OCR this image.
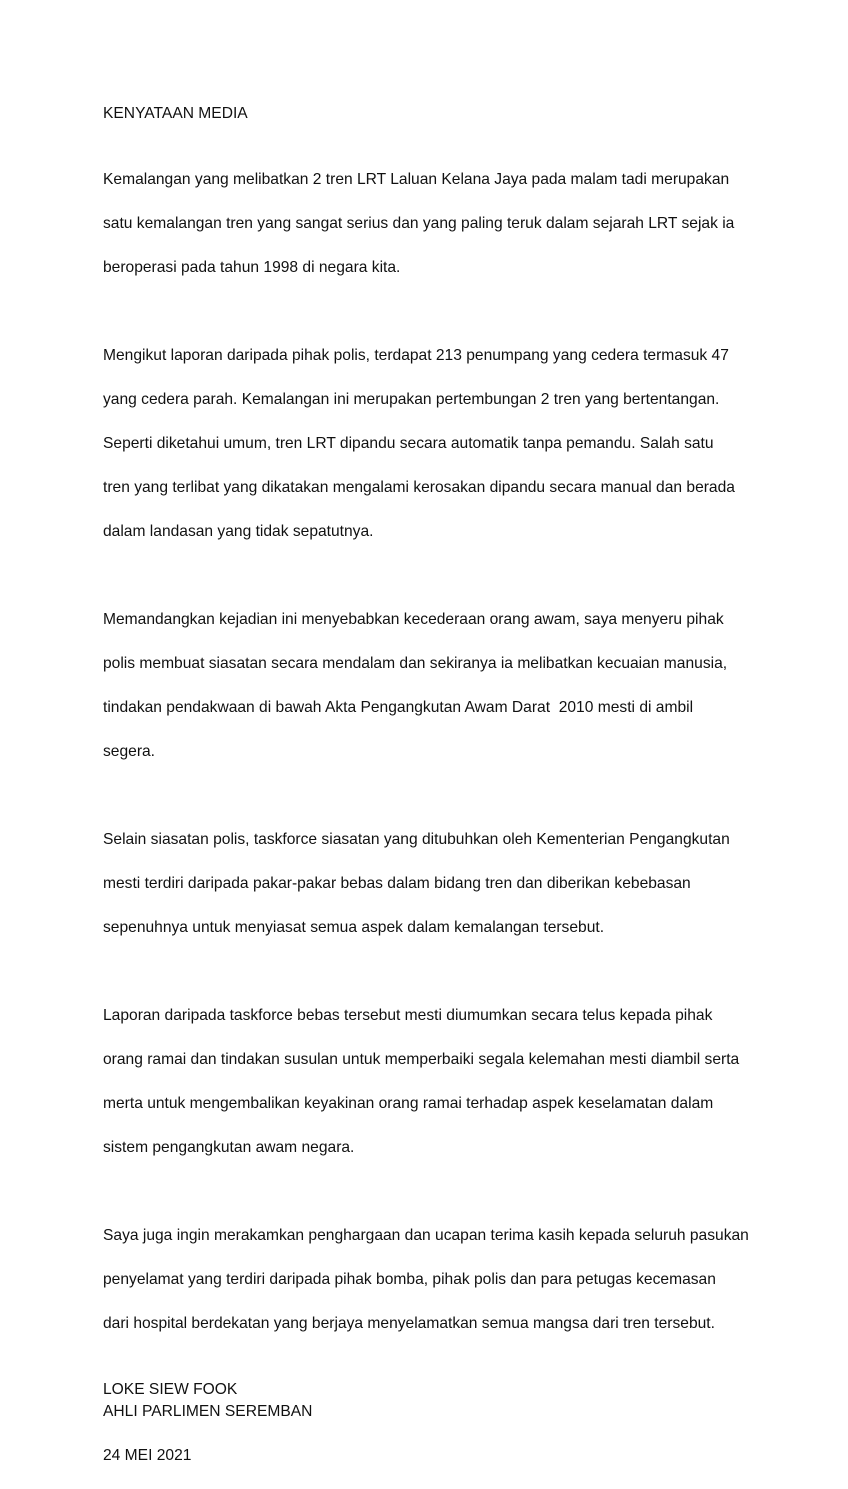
KENYATAAN MEDIA

Kemalangan yang melibatkan 2 tren LRT Laluan Kelana Jaya pada malam tadi merupakan

satu kemalangan tren yang sangat serius dan yang paling teruk dalam sejarah LRT sejak ia

beroperasi pada tahun 1998 di negara kita.

Mengikut laporan daripada pihak polis, terdapat 213 penumpang yang cedera termasuk 47

yang cedera parah. Kemalangan ini merupakan pertembungan 2 tren yang bertentangan.

Seperti diketahui umum, tren LRT dipandu secara automatik tanpa pemandu. Salah satu

tren yang terlibat yang dikatakan mengalami kerosakan dipandu secara manual dan berada

dalam landasan yang tidak sepatutnya.

Memandangkan kejadian ini menyebabkan kecederaan orang awam, saya menyeru pihak

polis membuat siasatan secara mendalam dan sekiranya ia melibatkan kecuaian manusia,

tindakan pendakwaan di bawah Akta Pengangkutan Awam Darat  2010 mesti di ambil

segera.

Selain siasatan polis, taskforce siasatan yang ditubuhkan oleh Kementerian Pengangkutan

mesti terdiri daripada pakar-pakar bebas dalam bidang tren dan diberikan kebebasan

sepenuhnya untuk menyiasat semua aspek dalam kemalangan tersebut.

Laporan daripada taskforce bebas tersebut mesti diumumkan secara telus kepada pihak

orang ramai dan tindakan susulan untuk memperbaiki segala kelemahan mesti diambil serta

merta untuk mengembalikan keyakinan orang ramai terhadap aspek keselamatan dalam

sistem pengangkutan awam negara.

Saya juga ingin merakamkan penghargaan dan ucapan terima kasih kepada seluruh pasukan

penyelamat yang terdiri daripada pihak bomba, pihak polis dan para petugas kecemasan

dari hospital berdekatan yang berjaya menyelamatkan semua mangsa dari tren tersebut.

LOKE SIEW FOOK

AHLI PARLIMEN SEREMBAN

24 MEI 2021
